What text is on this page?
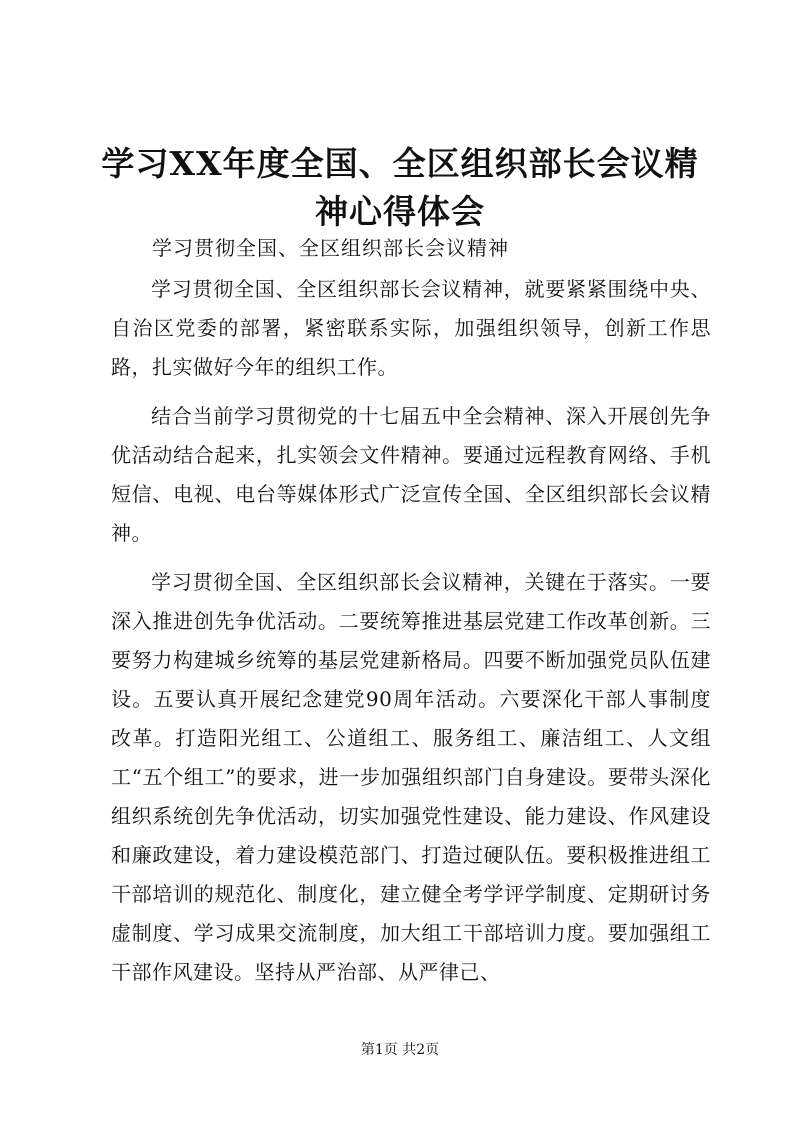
学习XX年度全国、全区组织部长会议精神心得体会
学习贯彻全国、全区组织部长会议精神

学习贯彻全国、全区组织部长会议精神，就要紧紧围绕中央、自治区党委的部署，紧密联系实际，加强组织领导，创新工作思路，扎实做好今年的组织工作。

结合当前学习贯彻党的十七届五中全会精神、深入开展创先争优活动结合起来，扎实领会文件精神。要通过远程教育网络、手机短信、电视、电台等媒体形式广泛宣传全国、全区组织部长会议精神。

学习贯彻全国、全区组织部长会议精神，关键在于落实。一要深入推进创先争优活动。二要统筹推进基层党建工作改革创新。三要努力构建城乡统筹的基层党建新格局。四要不断加强党员队伍建设。五要认真开展纪念建党90周年活动。六要深化干部人事制度改革。打造阳光组工、公道组工、服务组工、廉洁组工、人文组工“五个组工”的要求，进一步加强组织部门自身建设。要带头深化组织系统创先争优活动，切实加强党性建设、能力建设、作风建设和廉政建设，着力建设模范部门、打造过硬队伍。要积极推进组工干部培训的规范化、制度化，建立健全考学评学制度、定期研讨务虚制度、学习成果交流制度，加大组工干部培训力度。要加强组工干部作风建设。坚持从严治部、从严律己、

第1页 共2页
